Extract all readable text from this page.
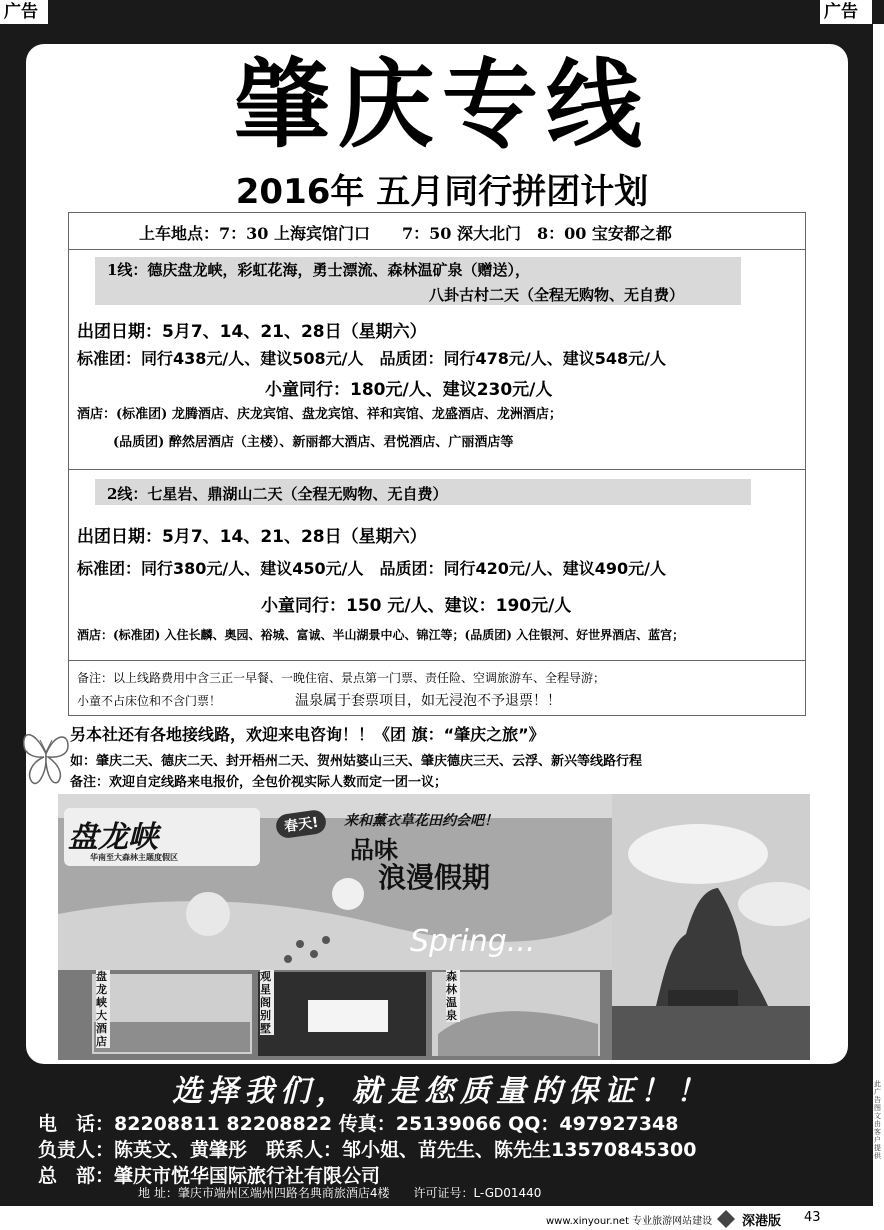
广告	广告
肇庆专线
2016年 五月同行拼团计划
上车地点：7：30 上海宾馆门口　　7：50 深大北门　8：00 宝安都之都
1线：德庆盘龙峡，彩虹花海，勇士漂流、森林温矿泉（赠送），
八卦古村二天（全程无购物、无自费）
出团日期：5月7、14、21、28日（星期六）
标准团：同行438元/人、建议508元/人　品质团：同行478元/人、建议548元/人
小童同行：180元/人、建议230元/人
酒店：(标准团) 龙腾酒店、庆龙宾馆、盘龙宾馆、祥和宾馆、龙盛酒店、龙洲酒店；
(品质团) 醉然居酒店（主楼）、新丽都大酒店、君悦酒店、广丽酒店等
2线：七星岩、鼎湖山二天（全程无购物、无自费）
出团日期：5月7、14、21、28日（星期六）
标准团：同行380元/人、建议450元/人　品质团：同行420元/人、建议490元/人
小童同行：150 元/人、建议：190元/人
酒店：(标准团) 入住长麟、奥园、裕城、富诚、半山湖景中心、锦江等；(品质团) 入住银河、好世界酒店、蓝宫；
备注：以上线路费用中含三正一早餐、一晚住宿、景点第一门票、责任险、空调旅游车、全程导游；
小童不占床位和不含门票！	温泉属于套票项目，如无浸泡不予退票！！
另本社还有各地接线路，欢迎来电咨询！！《团 旗：“肇庆之旅”》
如：肇庆二天、德庆二天、封开梧州二天、贺州姑婆山三天、肇庆德庆三天、云浮、新兴等线路行程
备注：欢迎自定线路来电报价，全包价视实际人数而定一团一议；
盘龙峡
华南至大森林主题度假区
春天!	来和薰衣草花田约会吧！
品味
浪漫假期
Spring...
盘龙峡大酒店
观星阁别墅
森林温泉
选择我们，就是您质量的保证！！
电　话：82208811 82208822 传真：25139066 QQ：497927348
负责人：陈英文、黄肇彤　联系人：邹小姐、苗先生、陈先生13570845300
总　部：肇庆市悦华国际旅行社有限公司
地 址：肇庆市端州区端州四路名典商旅酒店4楼　　许可证号：L-GD01440
www.xinyour.net 专业旅游网站建设 深港版 43
此广告图文由客户提供
